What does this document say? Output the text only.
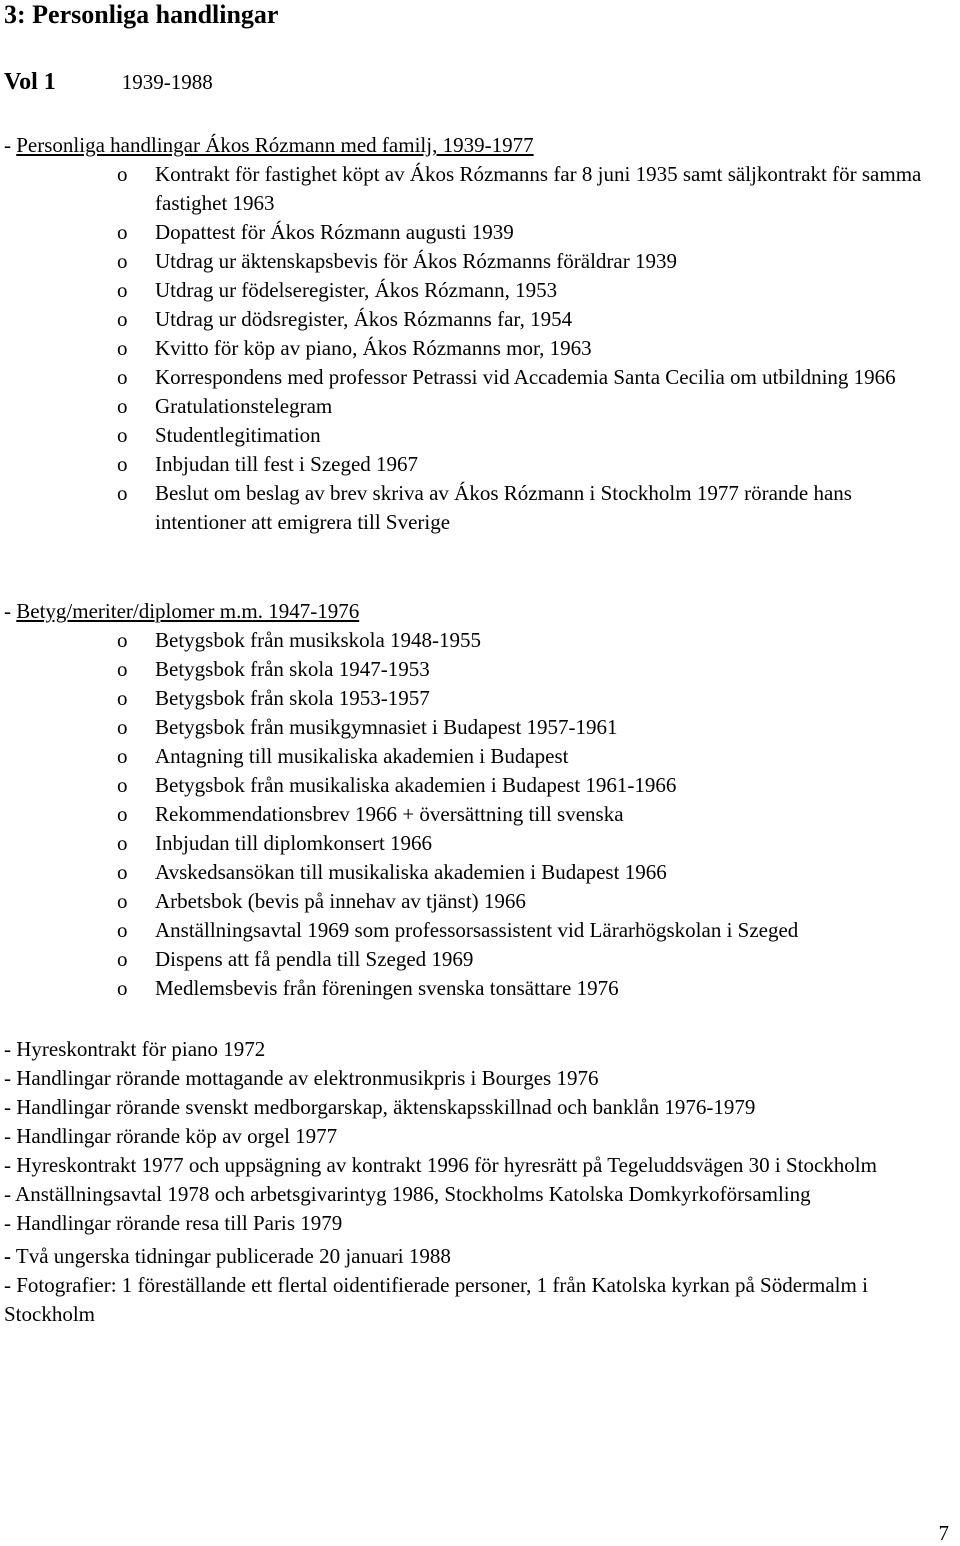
3: Personliga handlingar
Vol 1	1939-1988
- Personliga handlingar Ákos Rózmann med familj, 1939-1977
o Kontrakt för fastighet köpt av Ákos Rózmanns far 8 juni 1935 samt säljkontrakt för samma fastighet 1963
o Dopattest för Ákos Rózmann augusti 1939
o Utdrag ur äktenskapsbevis för Ákos Rózmanns föräldrar 1939
o Utdrag ur födelseregister, Ákos Rózmann, 1953
o Utdrag ur dödsregister, Ákos Rózmanns far, 1954
o Kvitto för köp av piano, Ákos Rózmanns mor, 1963
o Korrespondens med professor Petrassi vid Accademia Santa Cecilia om utbildning 1966
o Gratulationstelegram
o Studentlegitimation
o Inbjudan till fest i Szeged 1967
o Beslut om beslag av brev skriva av Ákos Rózmann i Stockholm 1977 rörande hans intentioner att emigrera till Sverige
- Betyg/meriter/diplomer m.m. 1947-1976
o Betygsbok från musikskola 1948-1955
o Betygsbok från skola 1947-1953
o Betygsbok från skola 1953-1957
o Betygsbok från musikgymnasiet i Budapest 1957-1961
o Antagning till musikaliska akademien i Budapest
o Betygsbok från musikaliska akademien i Budapest 1961-1966
o Rekommendationsbrev 1966 + översättning till svenska
o Inbjudan till diplomkonsert 1966
o Avskedsansökan till musikaliska akademien i Budapest 1966
o Arbetsbok (bevis på innehav av tjänst) 1966
o Anställningsavtal 1969 som professorsassistent vid Lärarhögskolan i Szeged
o Dispens att få pendla till Szeged 1969
o Medlemsbevis från föreningen svenska tonsättare 1976
- Hyreskontrakt för piano 1972
- Handlingar rörande mottagande av elektronmusikpris i Bourges 1976
- Handlingar rörande svenskt medborgarskap, äktenskapsskillnad och banklån 1976-1979
- Handlingar rörande köp av orgel 1977
- Hyreskontrakt 1977 och uppsägning av kontrakt 1996 för hyresrätt på Tegeluddsvägen 30 i Stockholm
- Anställningsavtal 1978 och arbetsgivarintyg 1986, Stockholms Katolska Domkyrkoförsamling
- Handlingar rörande resa till Paris 1979
- Två ungerska tidningar publicerade 20 januari 1988
- Fotografier: 1 föreställande ett flertal oidentifierade personer, 1 från Katolska kyrkan på Södermalm i Stockholm
7
